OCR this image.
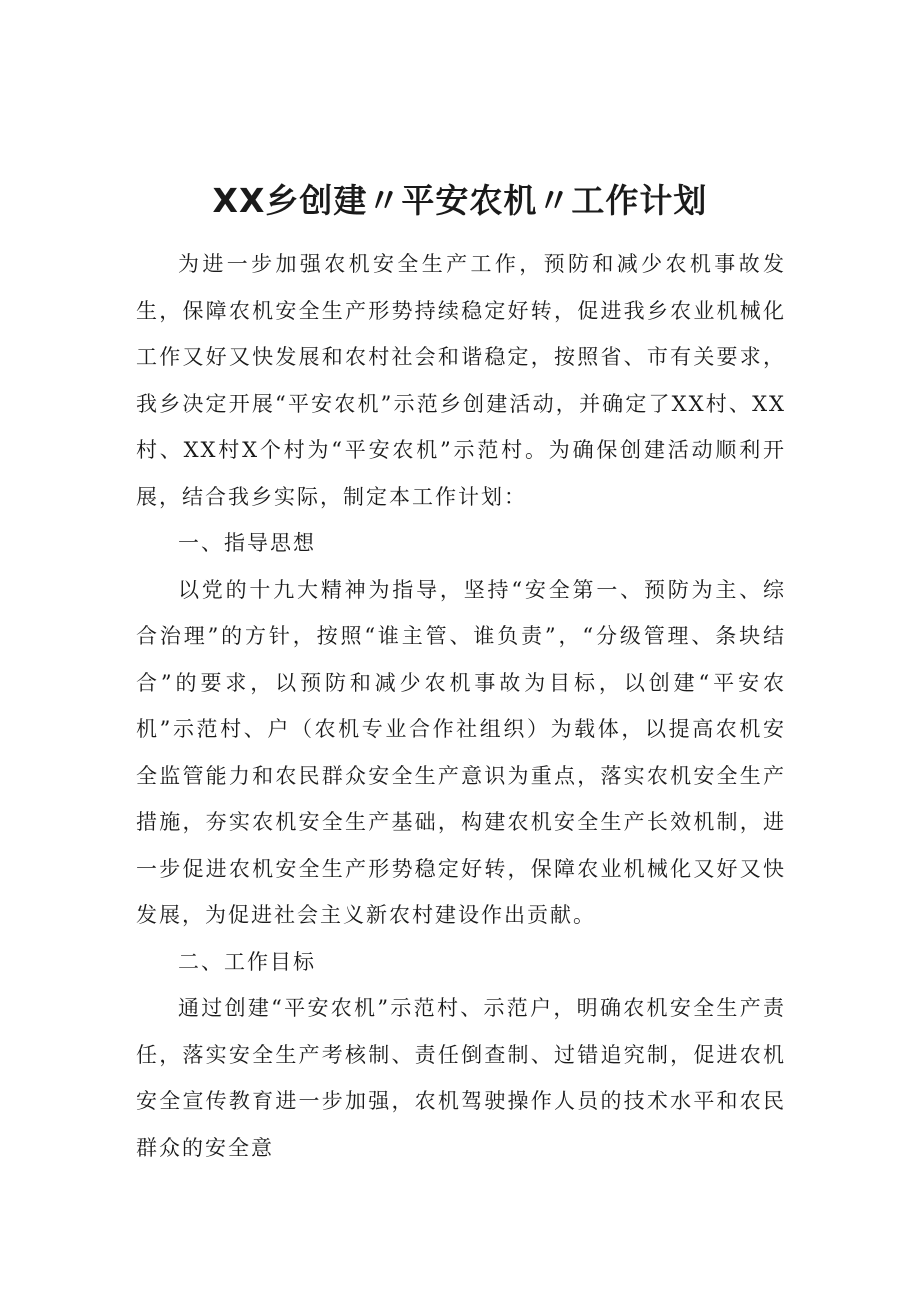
XX乡创建〃平安农机〃工作计划

为进一步加强农机安全生产工作，预防和减少农机事故发生，保障农机安全生产形势持续稳定好转，促进我乡农业机械化工作又好又快发展和农村社会和谐稳定，按照省、市有关要求，我乡决定开展“平安农机”示范乡创建活动，并确定了XX村、XX村、XX村X个村为“平安农机”示范村。为确保创建活动顺利开展，结合我乡实际，制定本工作计划：

一、指导思想

以党的十九大精神为指导，坚持“安全第一、预防为主、综合治理”的方针，按照“谁主管、谁负责”，“分级管理、条块结合”的要求，以预防和减少农机事故为目标，以创建“平安农机”示范村、户（农机专业合作社组织）为载体，以提高农机安全监管能力和农民群众安全生产意识为重点，落实农机安全生产措施，夯实农机安全生产基础，构建农机安全生产长效机制，进一步促进农机安全生产形势稳定好转，保障农业机械化又好又快发展，为促进社会主义新农村建设作出贡献。

二、工作目标

通过创建“平安农机”示范村、示范户，明确农机安全生产责任，落实安全生产考核制、责任倒查制、过错追究制，促进农机安全宣传教育进一步加强，农机驾驶操作人员的技术水平和农民群众的安全意
